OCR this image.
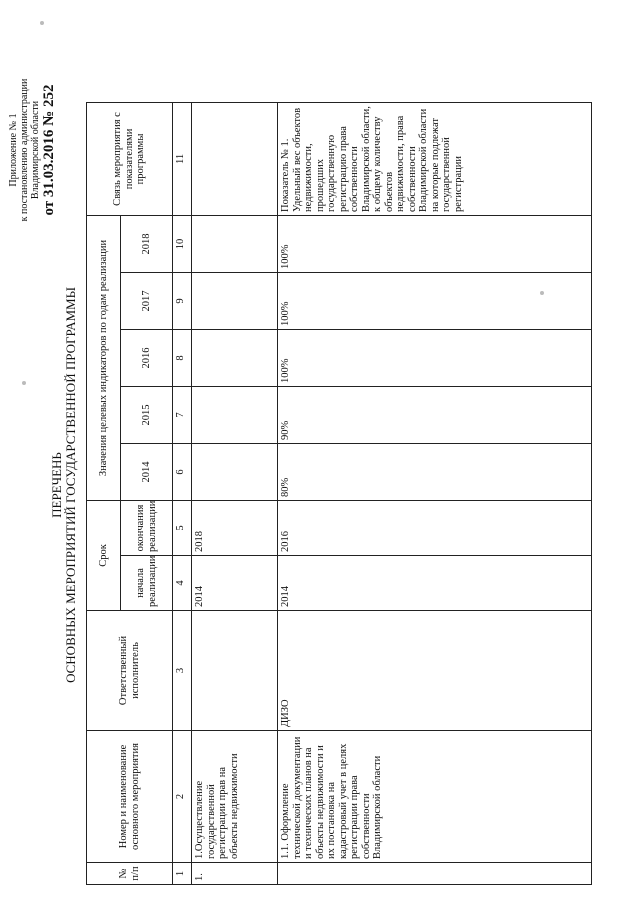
Приложение № 1 к постановлению администрации Владимирской области от 31.03.2016 № 252
ПЕРЕЧЕНЬ ОСНОВНЫХ МЕРОПРИЯТИЙ ГОСУДАРСТВЕННОЙ ПРОГРАММЫ
№ п/п	Номер и наименование основного мероприятия	Ответственный исполнитель	Срок		Значения целевых индикаторов по годам реализации					Связь мероприятия с показателями программы
			начала реализации	окончания реализации	2014	2015	2016	2017	2018	
1	2	3	4	5	6	7	8	9	10	11
1.	1.Осуществление государственной регистрации прав на объекты недвижимости		2014	2018						
	1.1. Оформление технической документации и технических планов на объекты недвижимости и их постановка на кадастровый учет в целях регистрации права собственности Владимирской области	ДИЗО	2014	2016	80%	90%	100%	100%	100%	Показатель № 1. Удельный вес объектов недвижимости, прошедших государственную регистрацию права собственности Владимирской области, к общему количеству объектов недвижимости, права собственности Владимирской области на которые подлежат государственной регистрации
